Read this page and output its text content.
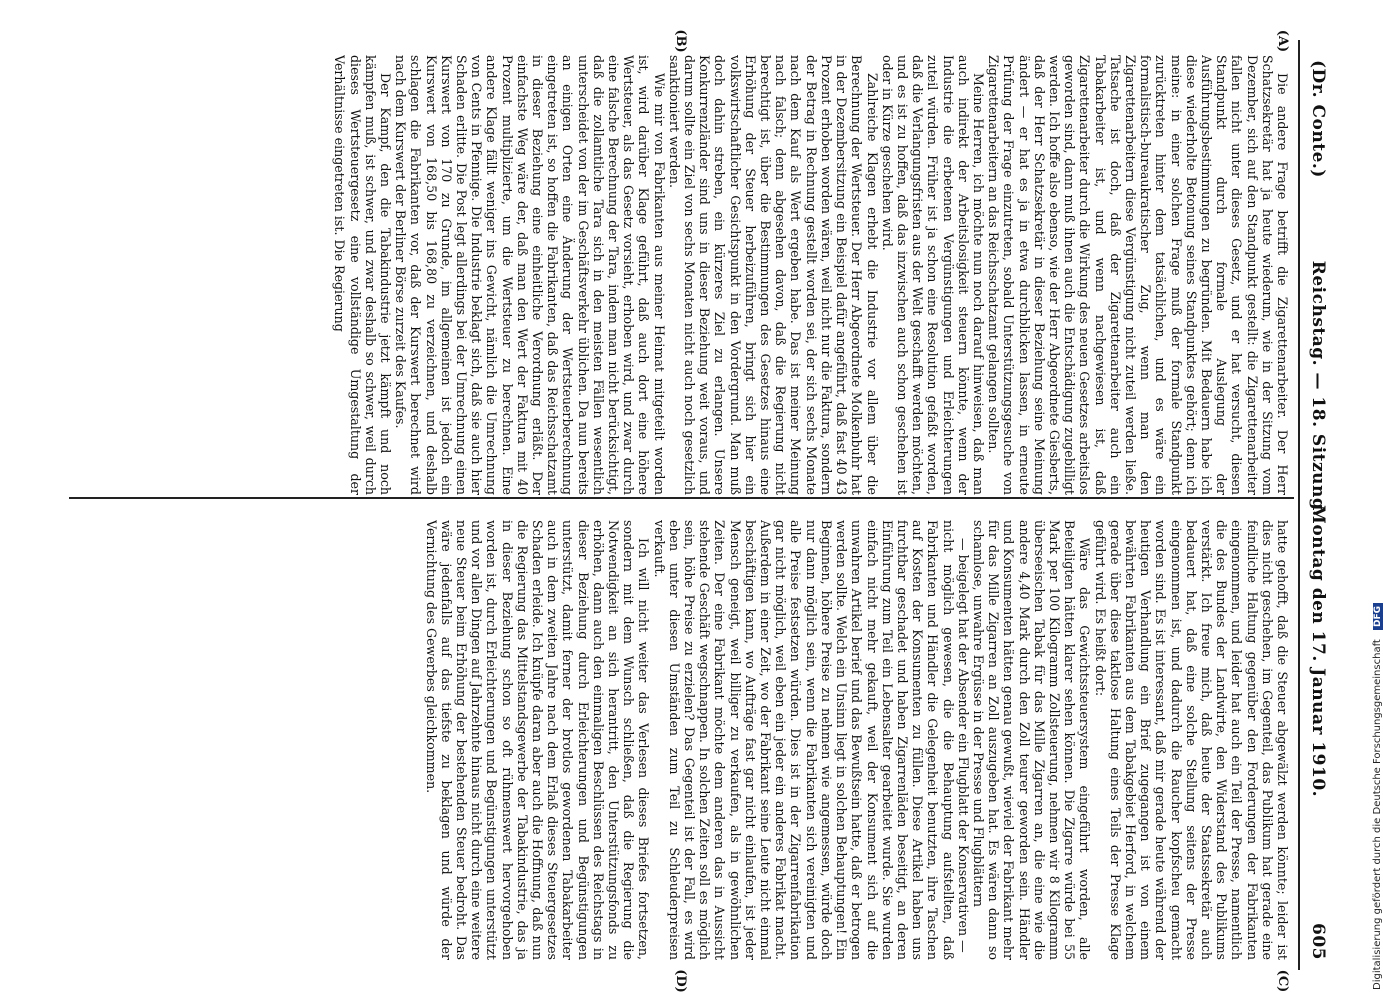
(Dr. Conte.)  Reichstag. — 18. Sitzung.
Montag den 17. Januar 1910.
605
(A)
(B)
(C)
(D)

Die andere Frage betrifft die Zigarettenarbeiter. Der Herr Schatzsekretär hat ja heute wiederum, wie in der Sitzung vom Dezember, sich auf den Standpunkt gestellt: die Zigarettenarbeiter fallen nicht unter dieses Gesetz, und er hat versucht, diesen Standpunkt durch formale Auslegung der Ausführungsbestimmungen zu begründen. Mit Bedauern habe ich diese wiederholte Betonung seines Standpunktes gehört; denn ich meine: in einer solchen Frage muß der formale Standpunkt zurücktreten hinter dem tatsächlichen, und es wäre ein formalistisch-bureaukratischer Zug, wenn man den Zigarettenarbeitern diese Vergünstigung nicht zuteil werden ließe. Tatsache ist doch, daß der Zigarettenarbeiter auch ein Tabakarbeiter ist, und wenn nachgewiesen ist, daß Zigarettenarbeiter durch die Wirkung des neuen Gesetzes arbeitslos geworden sind, dann muß ihnen auch die Entschädigung zugebilligt werden. Ich hoffe also ebenso, wie der Herr Abgeordnete Giesberts, daß der Herr Schatzsekretär in dieser Beziehung seine Meinung ändert — er hat es ja in etwa durchblicken lassen, in erneute Prüfung der Frage einzutreten, sobald Unterstützungsgesuche von Zigarettenarbeitern an das Reichsschatzamt gelangen sollten.

Meine Herren, ich möchte nun noch darauf hinweisen, daß man auch indirekt der Arbeitslosigkeit steuern könnte, wenn der Industrie die erbetenen Vergünstigungen und Erleichterungen zuteil würden. Früher ist ja schon eine Resolution gefaßt worden, daß die Verlangungsfristen aus der Welt geschafft werden möchten, und es ist zu hoffen, daß das inzwischen auch schon geschehen ist oder in Kürze geschehen wird.

Zahlreiche Klagen erhebt die Industrie vor allem über die Berechnung der Wertsteuer. Der Herr Abgeordnete Molkenbuhr hat in der Dezembersitzung ein Beispiel dafür angeführt, daß fast 40 43 Prozent erhoben worden wären, weil nicht nur die Faktura, sondern der Betrag in Rechnung gestellt worden sei, der sich sechs Monate nach dem Kauf als Wert ergeben habe. Das ist meiner Meinung nach falsch; denn abgesehen davon, daß die Regierung nicht berechtigt ist, über die Bestimmungen des Gesetzes hinaus eine Erhöhung der Steuer herbeizuführen, bringt sich hier ein volkswirtschaftlicher Gesichtspunkt in den Vordergrund. Man muß doch dahin streben, ein kürzeres Ziel zu erlangen. Unsere Konkurrenzländer sind uns in dieser Beziehung weit voraus, und darum sollte ein Ziel von sechs Monaten nicht auch noch gesetzlich sanktioniert werden.

Wie mir von Fabrikanten aus meiner Heimat mitgeteilt worden ist, wird darüber Klage geführt, daß auch dort eine höhere Wertsteuer, als das Gesetz vorsieht, erhoben wird, und zwar durch eine falsche Berechnung der Tara, indem man nicht berücksichtigt, daß die zollamtliche Tara sich in den meisten Fällen wesentlich unterscheidet von der im Geschäftsverkehr üblichen. Da nun bereits an einigen Orten eine Änderung der Wertsteuerberechnung eingetreten ist, so hoffen die Fabrikanten, daß das Reichsschatzamt in dieser Beziehung eine einheitliche Verordnung erläßt. Der einfachste Weg wäre der, daß man den Wert der Faktura mit 40 Prozent multiplizierte, um die Wertsteuer zu berechnen. Eine andere Klage fällt weniger ins Gewicht, nämlich die Umrechnung von Cents in Pfennige. Die Industrie beklagt sich, daß sie auch hier Schaden erlitte. Die Post legt allerdings bei der Umrechnung einen Kurswert von 170 zu Grunde, im allgemeinen ist jedoch ein Kurswert von 168,50 bis 168,80 zu verzeichnen, und deshalb schlagen die Fabrikanten vor, daß der Kurswert berechnet wird nach dem Kurswert der Berliner Börse zurzeit des Kaufes.

Der Kampf, den die Tabakindustrie jetzt kämpft und noch kämpfen muß, ist schwer, und zwar deshalb so schwer, weil durch dieses Wertsteuergesetz eine vollständige Umgestaltung der Verhältnisse eingetreten ist. Die Regierung

hatte gehofft, daß die Steuer abgewälzt werden könnte; leider ist dies nicht geschehen, im Gegenteil, das Publikum hat gerade eine feindliche Haltung gegenüber den Forderungen der Fabrikanten eingenommen, und leider hat auch ein Teil der Presse, namentlich die des Bundes der Landwirte, den Widerstand des Publikums verstärkt. Ich freue mich, daß heute der Staatssekretär auch bedauert hat, daß eine solche Stellung seitens der Presse eingenommen ist, und dadurch die Raucher kopfscheu gemacht worden sind. Es ist interessant, daß mir gerade heute während der heutigen Verhandlung ein Brief zugegangen ist von einem bewährten Fabrikanten aus dem Tabakgebiet Herford, in welchem gerade über diese taktlose Haltung eines Teils der Presse Klage geführt wird. Es heißt dort:

Wäre das Gewichtssteuersystem eingeführt worden, alle Beteiligten hätten klarer sehen können. Die Zigarre würde bei 55 Mark per 100 Kilogramm Zollsteuerung, nehmen wir 8 Kilogramm überseeischen Tabak für das Mille Zigarren an, die eine wie die andere 4,40 Mark durch den Zoll teurer geworden sein. Händler und Konsumenten hätten genau gewußt, wieviel der Fabrikant mehr für das Mille Zigarren an Zoll auszugeben hat. Es wären dann so schamlose, unwahre Ergüsse in der Presse und Flugblättern

— beigelegt hat der Absender ein Flugblatt der Konservativen —

nicht möglich gewesen, die die Behauptung aufstellten, daß Fabrikanten und Händler die Gelegenheit benutzten, ihre Taschen auf Kosten der Konsumenten zu füllen. Diese Artikel haben uns furchtbar geschadet und haben Zigarrenläden beseitigt, an deren Einführung zum Teil ein Lebensalter gearbeitet wurde. Sie wurden einfach nicht mehr gekauft, weil der Konsument sich auf die unwahren Artikel berief und das Bewußtsein hatte, daß er betrogen werden sollte. Welch ein Unsinn liegt in solchen Behauptungen! Ein Beginnen, höhere Preise zu nehmen wie angemessen, würde doch nur dann möglich sein, wenn die Fabrikanten sich vereinigten und alle Preise festsetzen würden. Dies ist in der Zigarrenfabrikation gar nicht möglich, weil eben ein jeder ein anderes Fabrikat macht. Außerdem in einer Zeit, wo der Fabrikant seine Leute nicht einmal beschäftigen kann, wo Aufträge fast gar nicht einlaufen, ist jeder Mensch geneigt, weil billiger zu verkaufen, als in gewöhnlichen Zeiten. Der eine Fabrikant möchte dem anderen das in Aussicht stehende Geschäft wegschnappen. In solchen Zeiten soll es möglich sein, höhe Preise zu erzielen? Das Gegenteil ist der Fall, es wird eben unter diesen Umständen zum Teil zu Schleuderpreisen verkauft.

Ich will nicht weiter das Verlesen dieses Briefes fortsetzen, sondern mit dem Wunsch schließen, daß die Regierung die Notwendigkeit an sich herantritt, den Unterstützungsfonds zu erhöhen, dann auch den einmaligen Beschlüssen des Reichstags in dieser Beziehung durch Erleichterungen und Begünstigungen unterstützt, damit ferner der brotlos gewordenen Tabakarbeiter auch in dem zweiten Jahre nach dem Erlaß dieses Steuergesetzes Schaden erleide. Ich knüpfe daran aber auch die Hoffnung, daß nun die Regierung das Mittelstandsgewerbe der Tabakindustrie, das ja in dieser Beziehung schon so oft rühmenswert hervorgehoben worden ist, durch Erleichterungen und Begünstigungen unterstützt und vor allen Dingen auf Jahrzehnte hinaus nicht durch eine weitere neue Steuer beim Erhöhung der bestehenden Steuer bedroht. Das wäre jedenfalls auf das tiefste zu beklagen und würde der Vernichtung des Gewerbes gleichkommen.	Digitalisierung gefördert durch die Deutsche Forschungsgemeinschaft DFG
